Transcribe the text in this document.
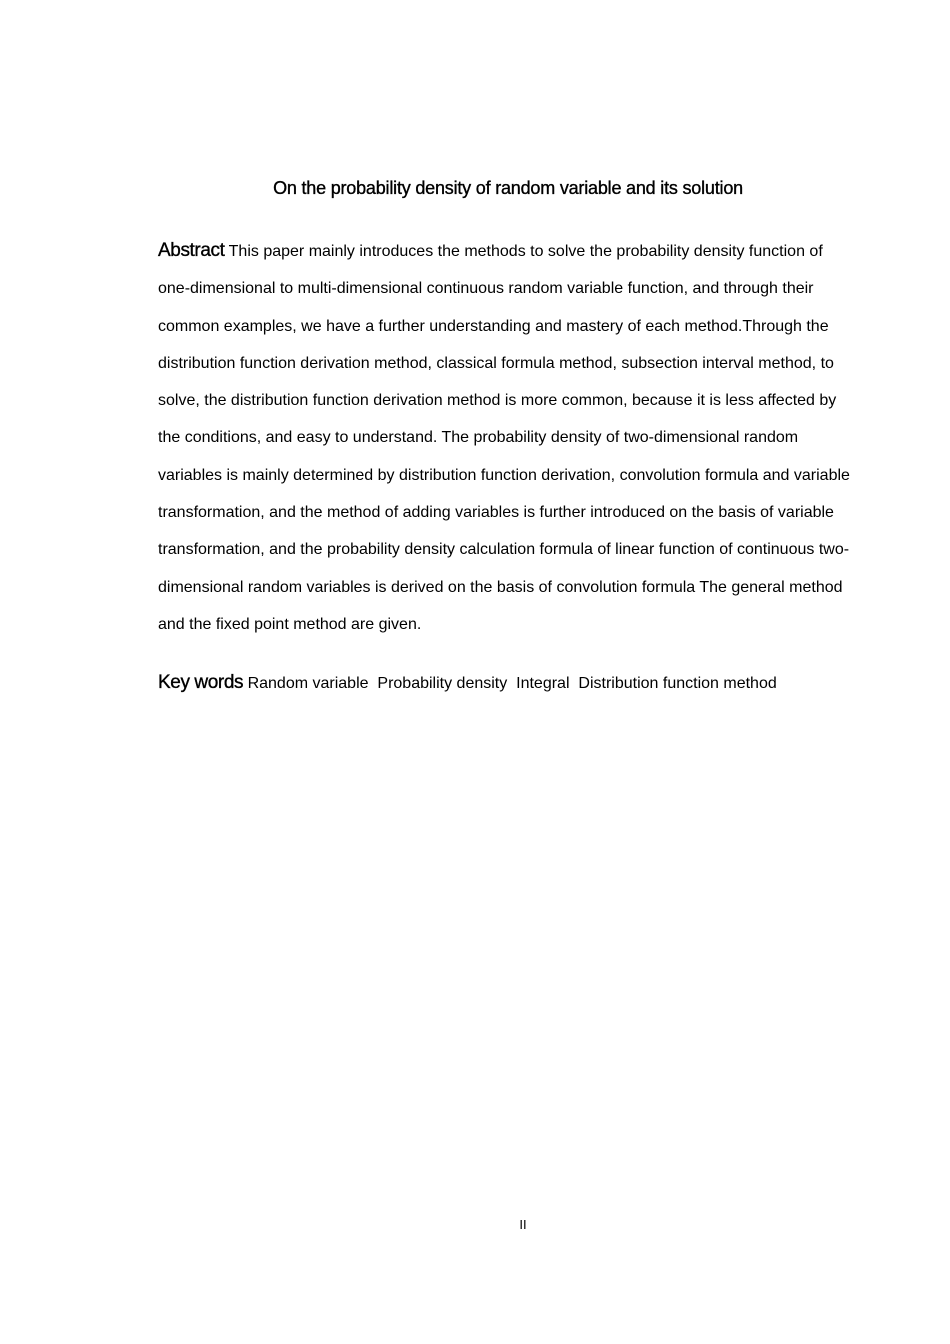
On the probability density of random variable and its solution

Abstract This paper mainly introduces the methods to solve the probability density function of one-dimensional to multi-dimensional continuous random variable function, and through their common examples, we have a further understanding and mastery of each method.Through the distribution function derivation method, classical formula method, subsection interval method, to solve, the distribution function derivation method is more common, because it is less affected by the conditions, and easy to understand. The probability density of two-dimensional random variables is mainly determined by distribution function derivation, convolution formula and variable transformation, and the method of adding variables is further introduced on the basis of variable transformation, and the probability density calculation formula of linear function of continuous two-dimensional random variables is derived on the basis of convolution formula The general method and the fixed point method are given.

Key words Random variable Probability density Integral Distribution function method

II
